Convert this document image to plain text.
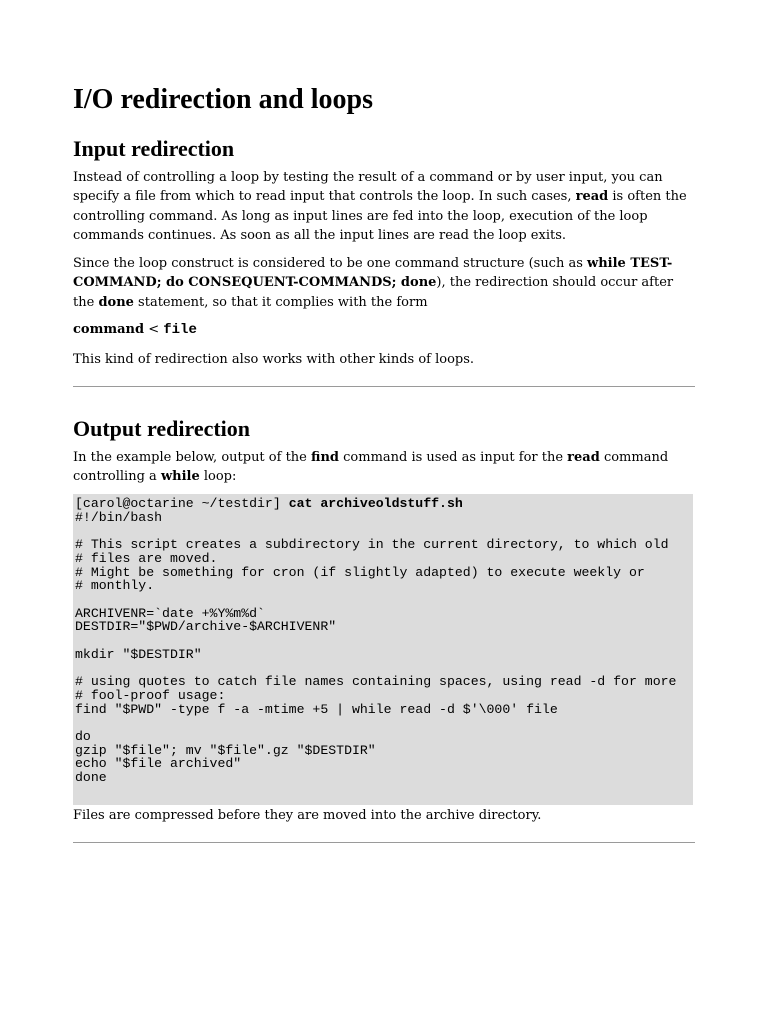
I/O redirection and loops
Input redirection

Instead of controlling a loop by testing the result of a command or by user input, you can specify a file from which to read input that controls the loop. In such cases, read is often the controlling command. As long as input lines are fed into the loop, execution of the loop commands continues. As soon as all the input lines are read the loop exits.

Since the loop construct is considered to be one command structure (such as while TEST-COMMAND; do CONSEQUENT-COMMANDS; done), the redirection should occur after the done statement, so that it complies with the form

command < file

This kind of redirection also works with other kinds of loops.

Output redirection

In the example below, output of the find command is used as input for the read command controlling a while loop:

[carol@octarine ~/testdir] cat archiveoldstuff.sh
#!/bin/bash
# This script creates a subdirectory in the current directory, to which old
# files are moved.
# Might be something for cron (if slightly adapted) to execute weekly or
# monthly.
ARCHIVENR=`date +%Y%m%d`
DESTDIR="$PWD/archive-$ARCHIVENR"
mkdir "$DESTDIR"
# using quotes to catch file names containing spaces, using read -d for more
# fool-proof usage:
find "$PWD" -type f -a -mtime +5 | while read -d $'\000' file
do
gzip "$file"; mv "$file".gz "$DESTDIR"
echo "$file archived"
done

Files are compressed before they are moved into the archive directory.
